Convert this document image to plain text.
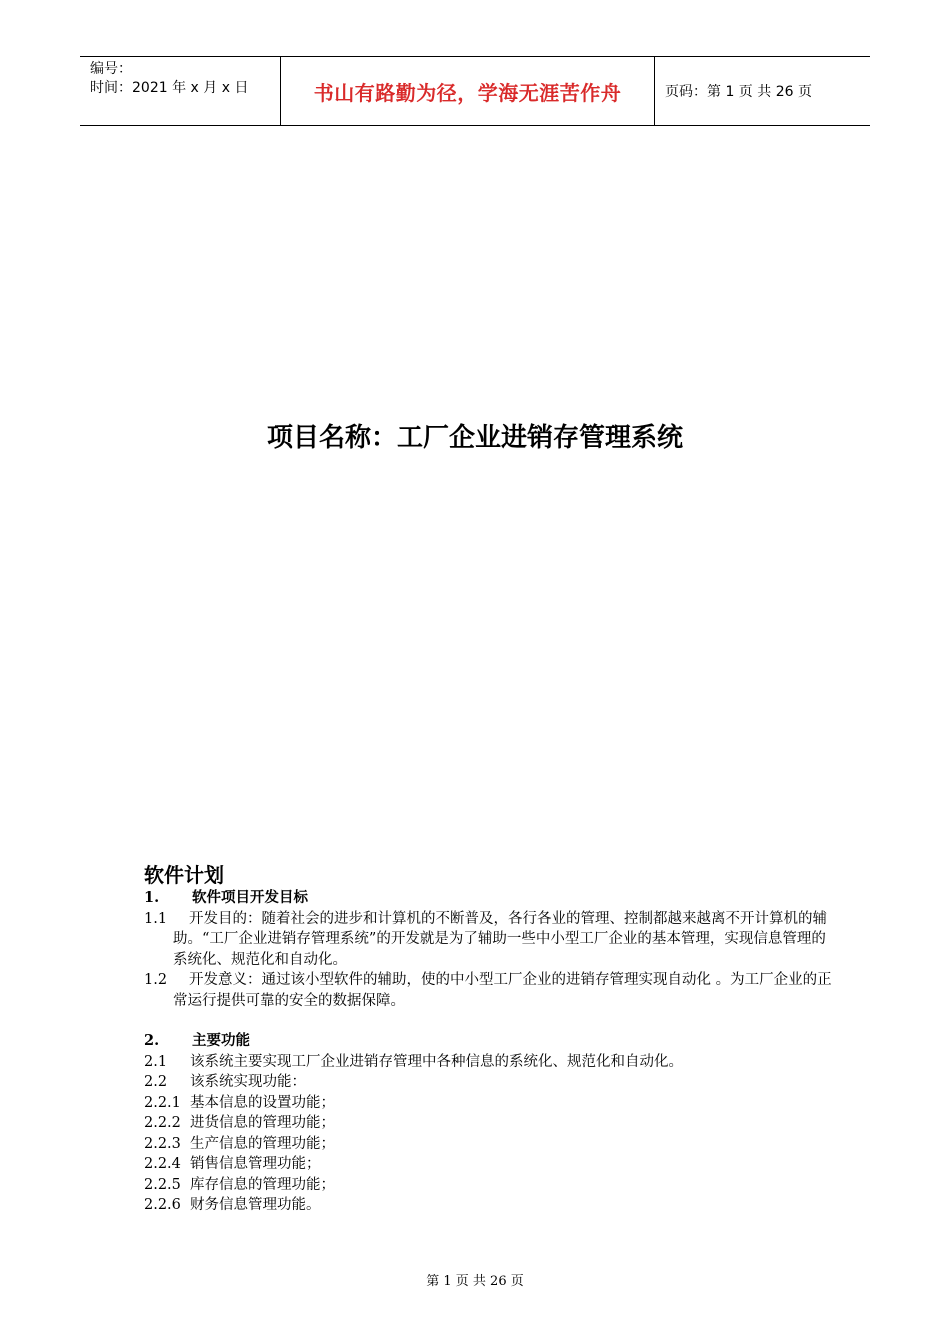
编号：
时间：2021 年 x 月 x 日	书山有路勤为径，学海无涯苦作舟	页码：第 1 页 共 26 页
项目名称：工厂企业进销存管理系统
软件计划
1.	软件项目开发目标
1.1	开发目的：随着社会的进步和计算机的不断普及，各行各业的管理、控制都越来越离不开计算机的辅助。“工厂企业进销存管理系统”的开发就是为了辅助一些中小型工厂企业的基本管理，实现信息管理的系统化、规范化和自动化。
1.2	开发意义：通过该小型软件的辅助，使的中小型工厂企业的进销存管理实现自动化 。为工厂企业的正常运行提供可靠的安全的数据保障。
2.	主要功能
2.1	该系统主要实现工厂企业进销存管理中各种信息的系统化、规范化和自动化。
2.2	该系统实现功能：
2.2.1 基本信息的设置功能；
2.2.2 进货信息的管理功能；
2.2.3 生产信息的管理功能；
2.2.4 销售信息管理功能；
2.2.5 库存信息的管理功能；
2.2.6 财务信息管理功能。
第 1 页 共 26 页
